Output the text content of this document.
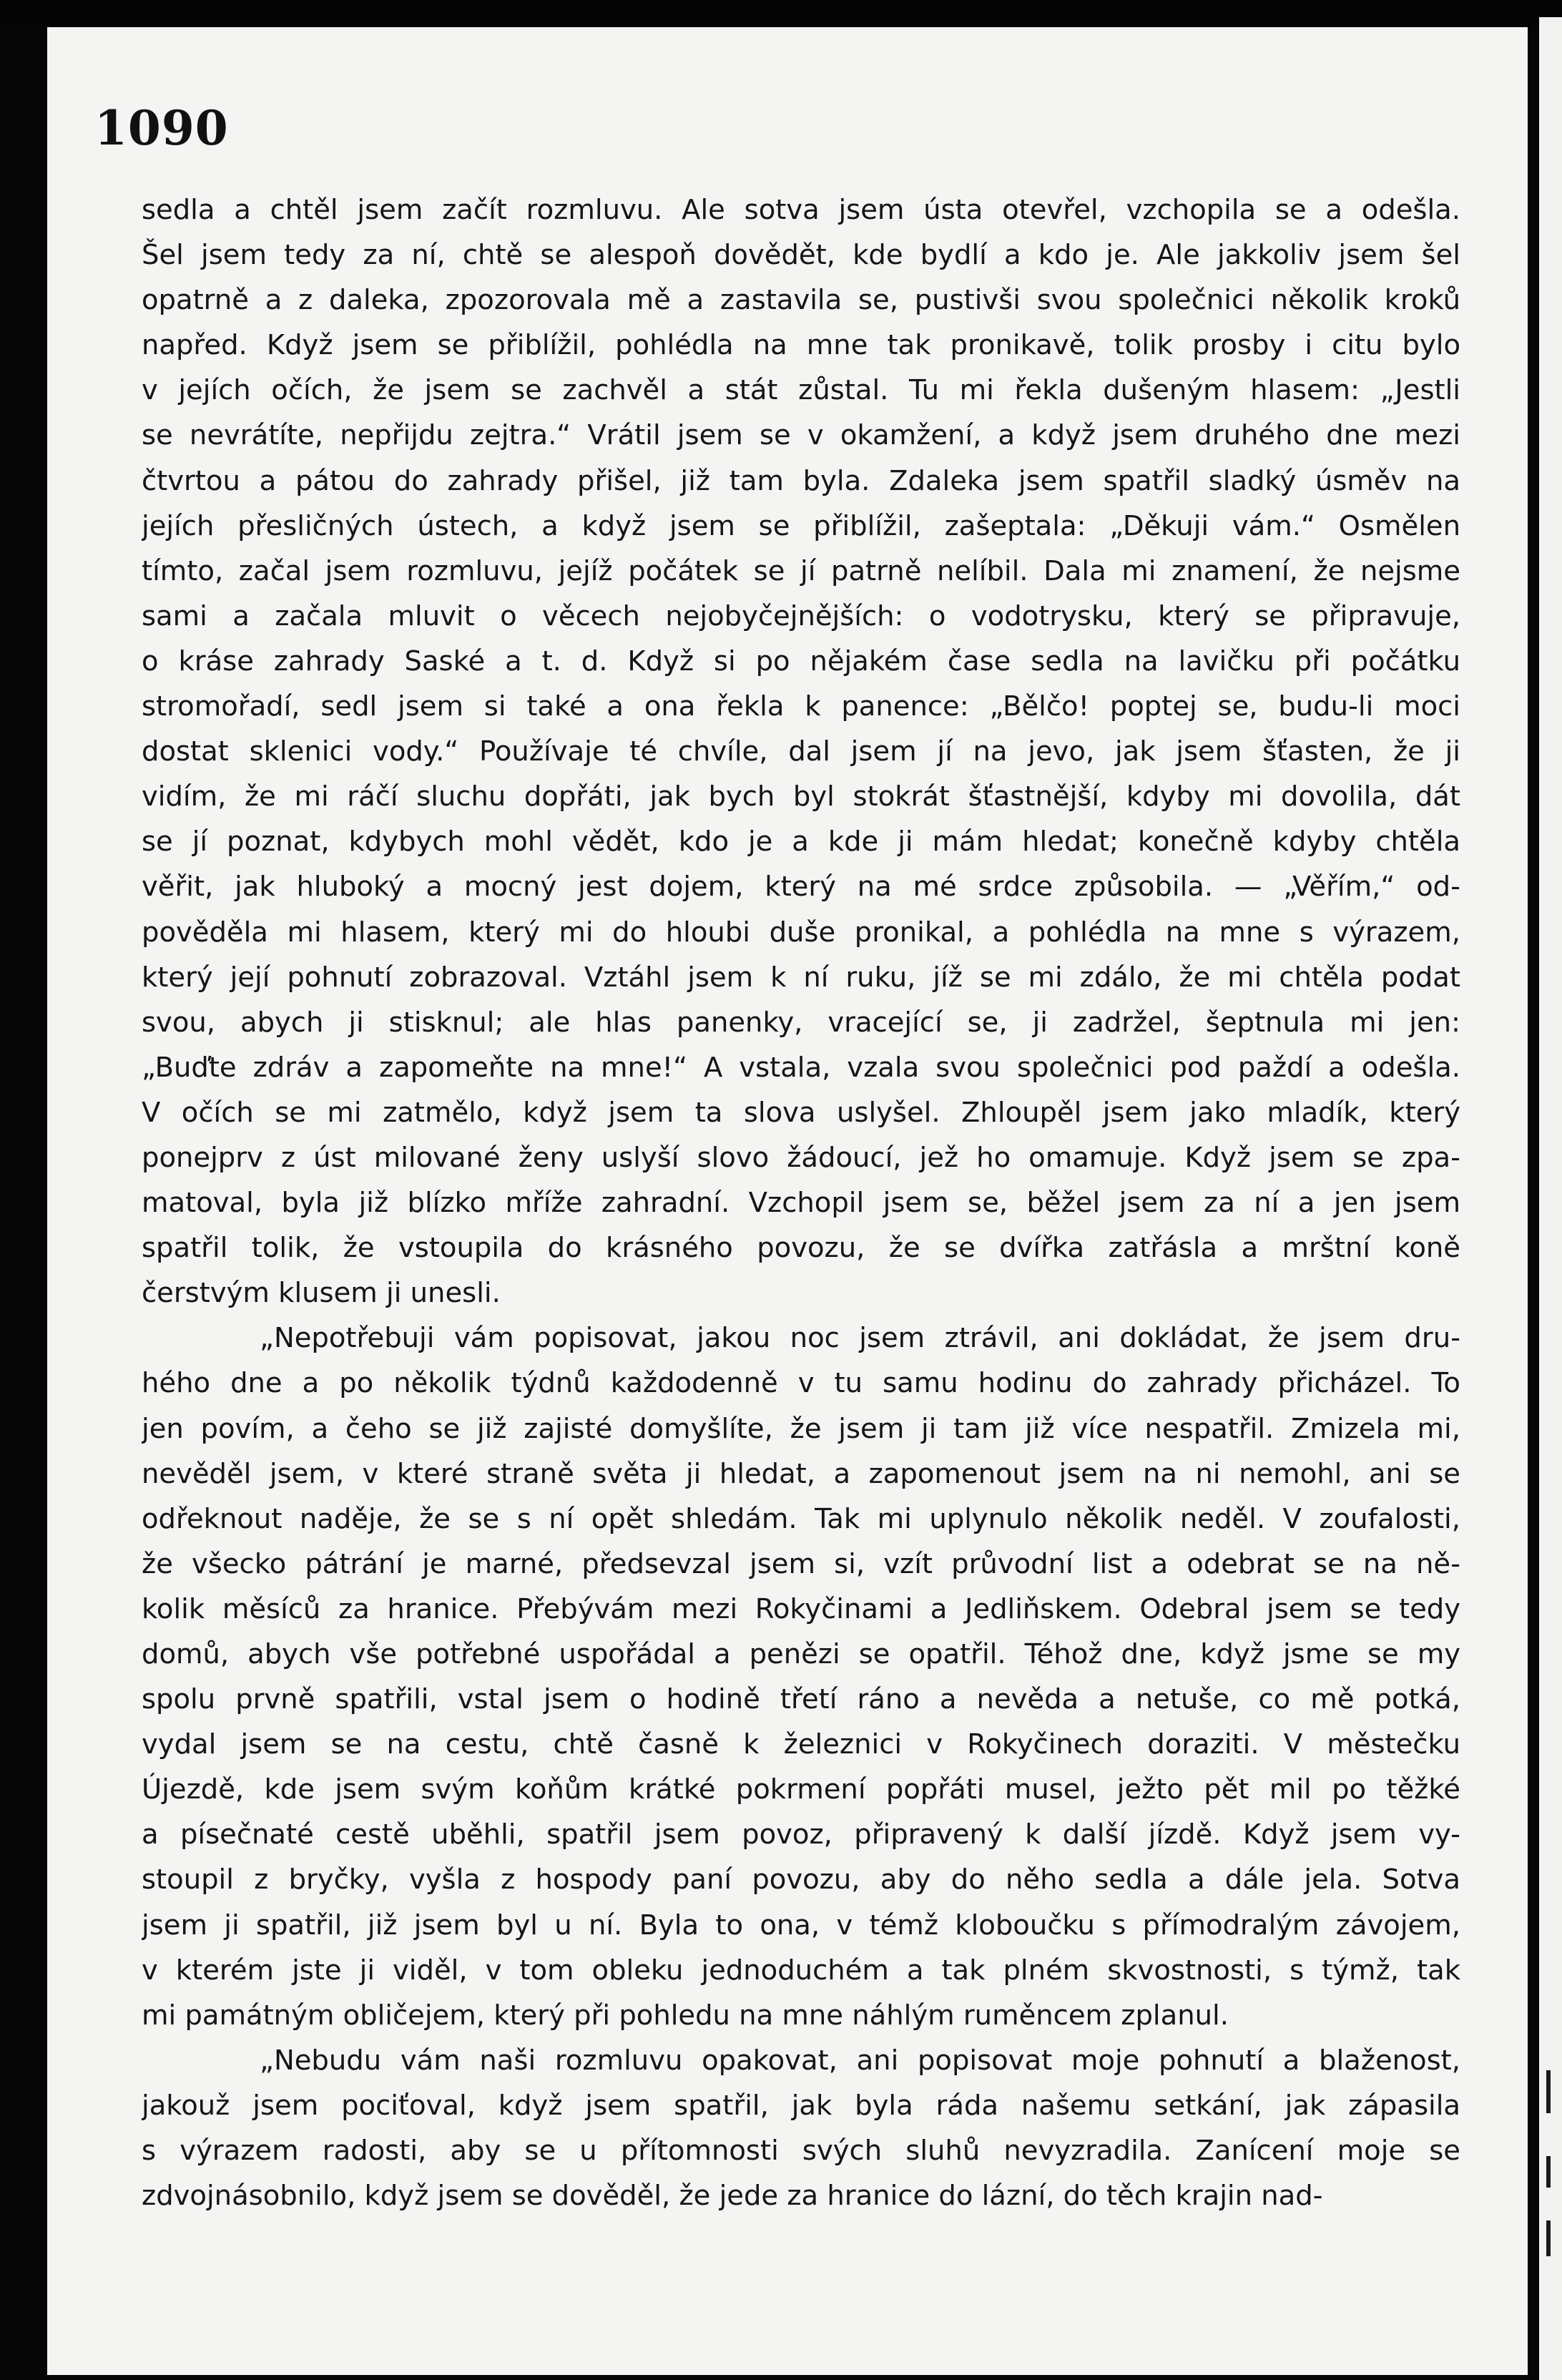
1090
sedla a chtěl jsem začít rozmluvu. Ale sotva jsem ústa otevřel, vzchopila se a odešla.
Šel jsem tedy za ní, chtě se alespoň dovědět, kde bydlí a kdo je. Ale jakkoliv jsem šel
opatrně a z daleka, zpozorovala mě a zastavila se, pustivši svou společnici několik kroků
napřed. Když jsem se přiblížil, pohlédla na mne tak pronikavě, tolik prosby i citu bylo
v jejích očích, že jsem se zachvěl a stát zůstal. Tu mi řekla dušeným hlasem: „Jestli
se nevrátíte, nepřijdu zejtra.“ Vrátil jsem se v okamžení, a když jsem druhého dne mezi
čtvrtou a pátou do zahrady přišel, již tam byla. Zdaleka jsem spatřil sladký úsměv na
jejích přesličných ústech, a když jsem se přiblížil, zašeptala: „Děkuji vám.“ Osmělen
tímto, začal jsem rozmluvu, jejíž počátek se jí patrně nelíbil. Dala mi znamení, že nejsme
sami a začala mluvit o věcech nejobyčejnějších: o vodotrysku, který se připravuje,
o kráse zahrady Saské a t. d. Když si po nějakém čase sedla na lavičku při počátku
stromořadí, sedl jsem si také a ona řekla k panence: „Bělčo! poptej se, budu-li moci
dostat sklenici vody.“ Používaje té chvíle, dal jsem jí na jevo, jak jsem šťasten, že ji
vidím, že mi ráčí sluchu dopřáti, jak bych byl stokrát šťastnější, kdyby mi dovolila, dát
se jí poznat, kdybych mohl vědět, kdo je a kde ji mám hledat; konečně kdyby chtěla
věřit, jak hluboký a mocný jest dojem, který na mé srdce způsobila. — „Věřím,“ od-
pověděla mi hlasem, který mi do hloubi duše pronikal, a pohlédla na mne s výrazem,
který její pohnutí zobrazoval. Vztáhl jsem k ní ruku, jíž se mi zdálo, že mi chtěla podat
svou, abych ji stisknul; ale hlas panenky, vracející se, ji zadržel, šeptnula mi jen:
„Buďte zdráv a zapomeňte na mne!“ A vstala, vzala svou společnici pod paždí a odešla.
V očích se mi zatmělo, když jsem ta slova uslyšel. Zhloupěl jsem jako mladík, který
ponejprv z úst milované ženy uslyší slovo žádoucí, jež ho omamuje. Když jsem se zpa-
matoval, byla již blízko mříže zahradní. Vzchopil jsem se, běžel jsem za ní a jen jsem
spatřil tolik, že vstoupila do krásného povozu, že se dvířka zatřásla a mrštní koně
čerstvým klusem ji unesli.
„Nepotřebuji vám popisovat, jakou noc jsem ztrávil, ani dokládat, že jsem dru-
hého dne a po několik týdnů každodenně v tu samu hodinu do zahrady přicházel. To
jen povím, a čeho se již zajisté domyšlíte, že jsem ji tam již více nespatřil. Zmizela mi,
nevěděl jsem, v které straně světa ji hledat, a zapomenout jsem na ni nemohl, ani se
odřeknout naděje, že se s ní opět shledám. Tak mi uplynulo několik neděl. V zoufalosti,
že všecko pátrání je marné, předsevzal jsem si, vzít průvodní list a odebrat se na ně-
kolik měsíců za hranice. Přebývám mezi Rokyčinami a Jedliňskem. Odebral jsem se tedy
domů, abych vše potřebné uspořádal a penězi se opatřil. Téhož dne, když jsme se my
spolu prvně spatřili, vstal jsem o hodině třetí ráno a nevěda a netuše, co mě potká,
vydal jsem se na cestu, chtě časně k železnici v Rokyčinech doraziti. V městečku
Újezdě, kde jsem svým koňům krátké pokrmení popřáti musel, ježto pět mil po těžké
a písečnaté cestě uběhli, spatřil jsem povoz, připravený k další jízdě. Když jsem vy-
stoupil z bryčky, vyšla z hospody paní povozu, aby do něho sedla a dále jela. Sotva
jsem ji spatřil, již jsem byl u ní. Byla to ona, v témž kloboučku s přímodralým závojem,
v kterém jste ji viděl, v tom obleku jednoduchém a tak plném skvostnosti, s týmž, tak
mi památným obličejem, který při pohledu na mne náhlým ruměncem zplanul.
„Nebudu vám naši rozmluvu opakovat, ani popisovat moje pohnutí a blaženost,
jakouž jsem pociťoval, když jsem spatřil, jak byla ráda našemu setkání, jak zápasila
s výrazem radosti, aby se u přítomnosti svých sluhů nevyzradila. Zanícení moje se
zdvojnásobnilo, když jsem se dověděl, že jede za hranice do lázní, do těch krajin nad-
